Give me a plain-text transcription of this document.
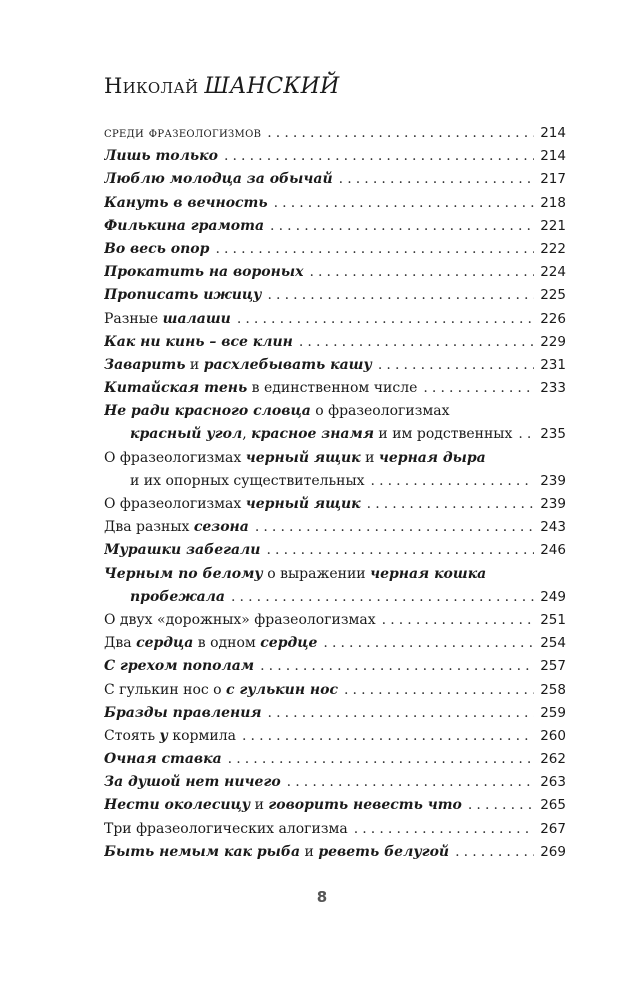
Николай ШАНСКИЙ
среди фразеологизмов .....	214
Лишь только .....	214
Люблю молодца за обычай .....	217
Кануть в вечность .....	218
Филькина грамота .....	221
Во весь опор .....	222
Прокатить на вороных .....	224
Прописать ижицу .....	225
Разные шалаши .....	226
Как ни кинь – все клин .....	229
Заварить и расхлебывать кашу .....	231
Китайская тень в единственном числе .....	233
Не ради красного словца о фразеологизмах
красный угол, красное знамя и им родственных ..... 235
О фразеологизмах черный ящик и черная дыра
и их опорных существительных .....	239
О фразеологизмах черный ящик .....	239
Два разных сезона .....	243
Мурашки забегали .....	246
Черным по белому о выражении черная кошка
пробежала .....	249
О двух «дорожных» фразеологизмах .....	251
Два сердца в одном сердце .....	254
С грехом пополам .....	257
С гулькин нос о с гулькин нос .....	258
Бразды правления .....	259
Стоять у кормила .....	260
Очная ставка .....	262
За душой нет ничего .....	263
Нести околесицу и говорить невесть что .....	265
Три фразеологических алогизма .....	267
Быть немым как рыба и реветь белугой .....	269
8
